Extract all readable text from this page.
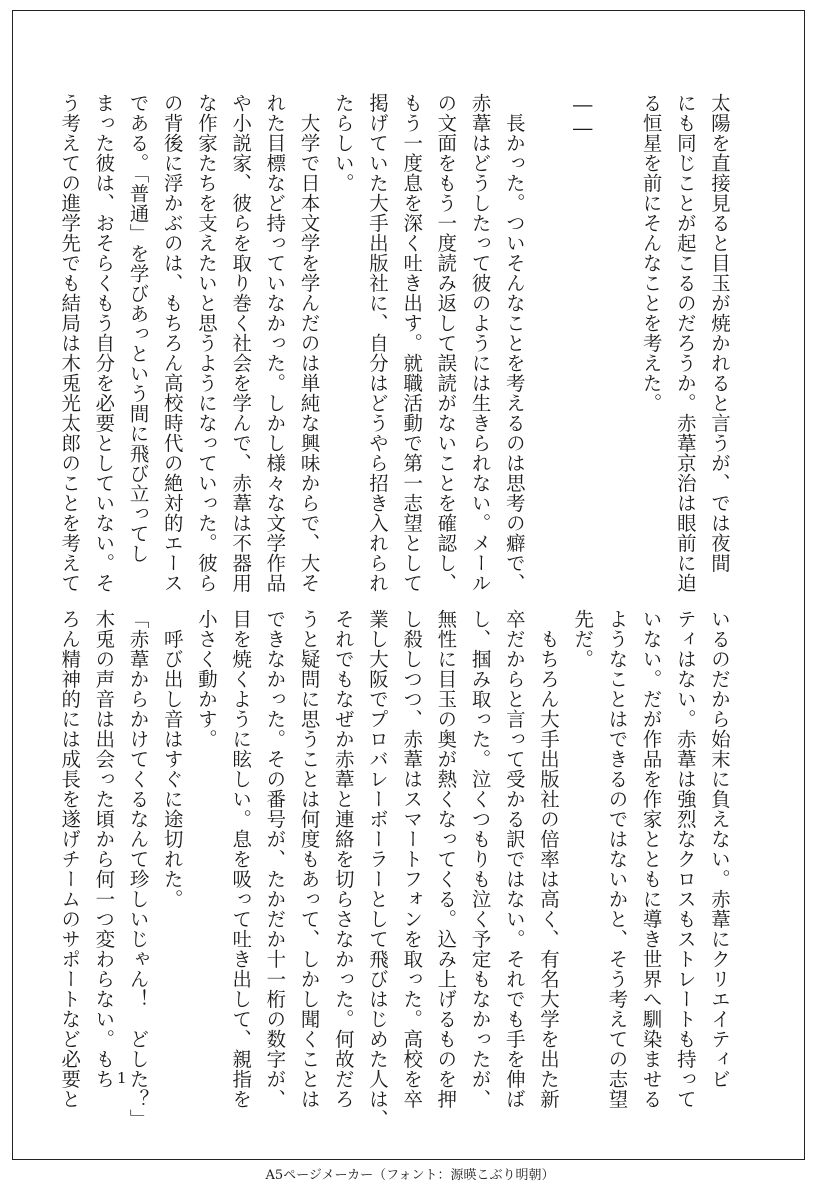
太陽を直接見ると目玉が焼かれると言うが、では夜間
にも同じことが起こるのだろうか。赤葦京治は眼前に迫
る恒星を前にそんなことを考えた。

――

　長かった。ついそんなことを考えるのは思考の癖で、
赤葦はどうしたって彼のようには生きられない。メール
の文面をもう一度読み返して誤読がないことを確認し、
もう一度息を深く吐き出す。就職活動で第一志望として
掲げていた大手出版社に、自分はどうやら招き入れられ
たらしい。
　大学で日本文学を学んだのは単純な興味からで、大そ
れた目標など持っていなかった。しかし様々な文学作品
や小説家、彼らを取り巻く社会を学んで、赤葦は不器用
な作家たちを支えたいと思うようになっていった。彼ら
の背後に浮かぶのは、もちろん高校時代の絶対的エース
である。「普通」を学びあっという間に飛び立ってし
まった彼は、おそらくもう自分を必要としていない。そ
う考えての進学先でも結局は木兎光太郎のことを考えて
いるのだから始末に負えない。赤葦にクリエイティビ
ティはない。赤葦は強烈なクロスもストレートも持って
いない。だが作品を作家とともに導き世界へ馴染ませる
ようなことはできるのではないかと、そう考えての志望
先だ。
　もちろん大手出版社の倍率は高く、有名大学を出た新
卒だからと言って受かる訳ではない。それでも手を伸ば
し、掴み取った。泣くつもりも泣く予定もなかったが、
無性に目玉の奥が熱くなってくる。込み上げるものを押
し殺しつつ、赤葦はスマートフォンを取った。高校を卒
業し大阪でプロバレーボーラーとして飛びはじめた人は、
それでもなぜか赤葦と連絡を切らさなかった。何故だろ
うと疑問に思うことは何度もあって、しかし聞くことは
できなかった。その番号が、たかだか十一桁の数字が、
目を焼くように眩しい。息を吸って吐き出して、親指を
小さく動かす。
　呼び出し音はすぐに途切れた。
「赤葦からかけてくるなんて珍しいじゃん！　どした？」
木兎の声音は出会った頃から何一つ変わらない。もち
ろん精神的には成長を遂げチームのサポートなど必要と	1
A5ページメーカー（フォント：源暎こぶり明朝）
